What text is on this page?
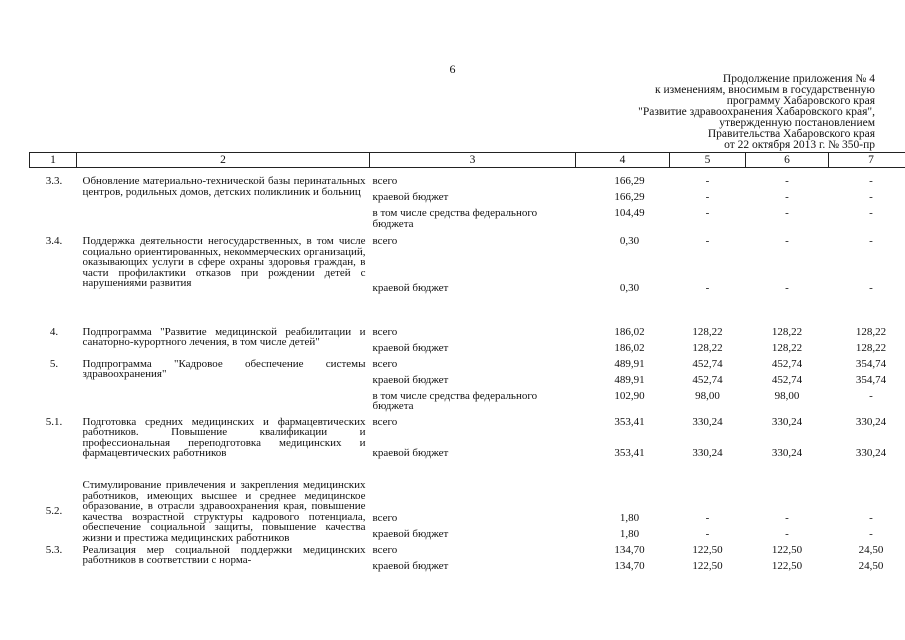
6
Продолжение приложения № 4
к изменениям, вносимым в государственную
программу Хабаровского края
"Развитие здравоохранения Хабаровского края",
утвержденную постановлением
Правительства Хабаровского края
от 22 октября 2013 г. № 350-пр
1	2	3	4	5	6	7
3.3.	Обновление материально-технической базы перинатальных центров, родильных домов, детских поликлиник и больниц	всего	166,29	-	-	-
		краевой бюджет	166,29	-	-	-
		в том числе средства федерального бюджета	104,49	-	-	-
3.4.	Поддержка деятельности негосударственных, в том числе социально ориентированных, некоммерческих организаций, оказывающих услуги в сфере охраны здоровья граждан, в части профилактики отказов при рождении детей с нарушениями развития	всего	0,30	-	-	-
		краевой бюджет	0,30	-	-	-
4.	Подпрограмма "Развитие медицинской реабилитации и санаторно-курортного лечения, в том числе детей"	всего	186,02	128,22	128,22	128,22
		краевой бюджет	186,02	128,22	128,22	128,22
5.	Подпрограмма "Кадровое обеспечение системы здравоохранения"	всего	489,91	452,74	452,74	354,74
		краевой бюджет	489,91	452,74	452,74	354,74
		в том числе средства федерального бюджета	102,90	98,00	98,00	-
5.1.	Подготовка средних медицинских и фармацевтических работников. Повышение квалификации и профессиональная переподготовка медицинских и фармацевтических работников	всего	353,41	330,24	330,24	330,24
		краевой бюджет	353,41	330,24	330,24	330,24
5.2.	Стимулирование привлечения и закрепления медицинских работников, имеющих высшее и среднее медицинское образование, в отрасли здравоохранения края, повышение качества возрастной структуры кадрового потенциала, обеспечение социальной защиты, повышение качества жизни и престижа медицинских работников	всего	1,80	-	-	-
		краевой бюджет	1,80	-	-	-
5.3.	Реализация мер социальной поддержки медицинских работников в соответствии с норма-	всего	134,70	122,50	122,50	24,50
		краевой бюджет	134,70	122,50	122,50	24,50
